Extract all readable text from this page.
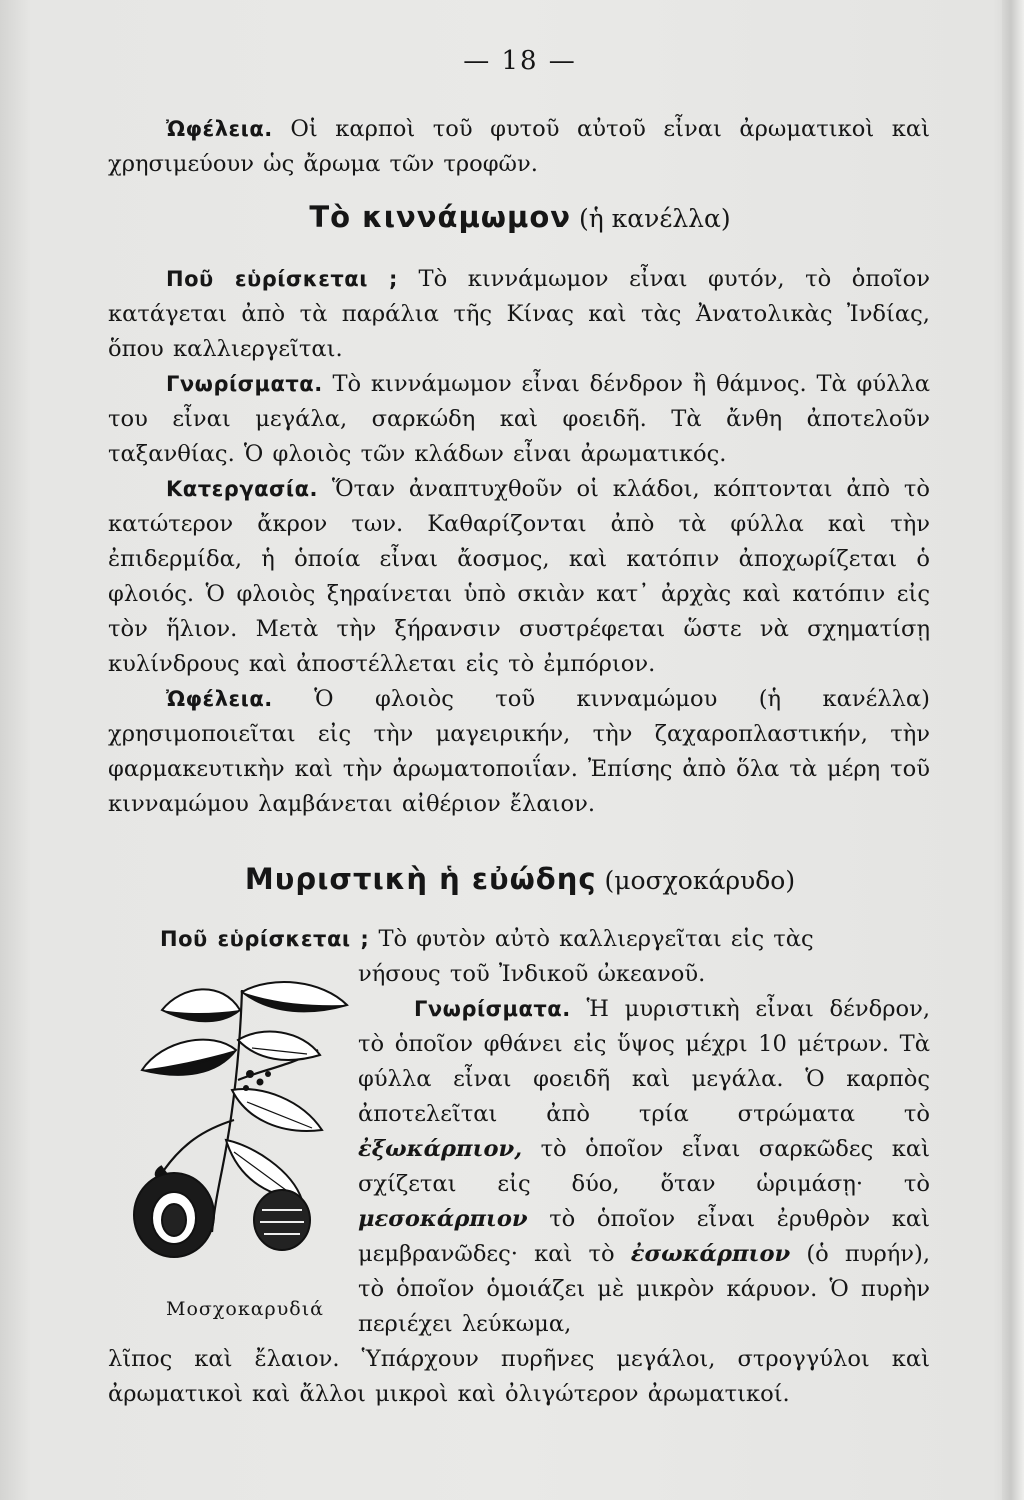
— 18 —

Ὠφέλεια. Οἱ καρποὶ τοῦ φυτοῦ αὐτοῦ εἶναι ἀρωματικοὶ καὶ χρησιμεύουν ὡς ἄρωμα τῶν τροφῶν.

Τὸ κιννάμωμον (ἡ κανέλλα)

Ποῦ εὑρίσκεται ; Τὸ κιννάμωμον εἶναι φυτόν, τὸ ὁποῖον κατάγεται ἀπὸ τὰ παράλια τῆς Κίνας καὶ τὰς Ἀνατολικὰς Ἰνδίας, ὅπου καλλιεργεῖται.

Γνωρίσματα. Τὸ κιννάμωμον εἶναι δένδρον ἢ θάμνος. Τὰ φύλλα του εἶναι μεγάλα, σαρκώδη καὶ φοειδῆ. Τὰ ἄνθη ἀποτελοῦν ταξανθίας. Ὁ φλοιὸς τῶν κλάδων εἶναι ἀρωματικός.

Κατεργασία. Ὅταν ἀναπτυχθοῦν οἱ κλάδοι, κόπτονται ἀπὸ τὸ κατώτερον ἄκρον των. Καθαρίζονται ἀπὸ τὰ φύλλα καὶ τὴν ἐπιδερμίδα, ἡ ὁποία εἶναι ἄοσμος, καὶ κατόπιν ἀποχωρίζεται ὁ φλοιός. Ὁ φλοιὸς ξηραίνεται ὑπὸ σκιὰν κατ᾽ ἀρχὰς καὶ κατόπιν εἰς τὸν ἥλιον. Μετὰ τὴν ξήρανσιν συστρέφεται ὥστε νὰ σχηματίσῃ κυλίνδρους καὶ ἀποστέλλεται εἰς τὸ ἐμπόριον.

Ὠφέλεια. Ὁ φλοιὸς τοῦ κινναμώμου (ἡ κανέλλα) χρησιμοποιεῖται εἰς τὴν μαγειρικήν, τὴν ζαχαροπλαστικήν, τὴν φαρμακευτικὴν καὶ τὴν ἀρωματοποιΐαν. Ἐπίσης ἀπὸ ὅλα τὰ μέρη τοῦ κινναμώμου λαμβάνεται αἰθέριον ἔλαιον.

Μυριστικὴ ἡ εὐώδης (μοσχοκάρυδο)

Ποῦ εὑρίσκεται ; Τὸ φυτὸν αὐτὸ καλλιεργεῖται εἰς τὰς

νήσους τοῦ Ἰνδικοῦ ὠκεανοῦ.

Γνωρίσματα. Ἡ μυριστικὴ εἶναι δένδρον, τὸ ὁποῖον φθάνει εἰς ὕψος μέχρι 10 μέτρων. Τὰ φύλλα εἶναι φοειδῆ καὶ μεγάλα. Ὁ καρπὸς ἀποτελεῖται ἀπὸ τρία στρώματα τὸ ἐξωκάρπιον, τὸ ὁποῖον εἶναι σαρκῶδες καὶ σχίζεται εἰς δύο, ὅταν ὡριμάσῃ· τὸ μεσοκάρπιον τὸ ὁποῖον εἶναι ἐρυθρὸν καὶ μεμβρανῶδες· καὶ τὸ ἐσωκάρπιον (ὁ πυρήν), τὸ ὁποῖον ὁμοιάζει μὲ μικρὸν κάρυον. Ὁ πυρὴν περιέχει λεύκωμα,

λῖπος καὶ ἔλαιον. Ὑπάρχουν πυρῆνες μεγάλοι, στρογγύλοι καὶ ἀρωματικοὶ καὶ ἄλλοι μικροὶ καὶ ὀλιγώτερον ἀρωματικοί.

Μοσχοκαρυδιά
